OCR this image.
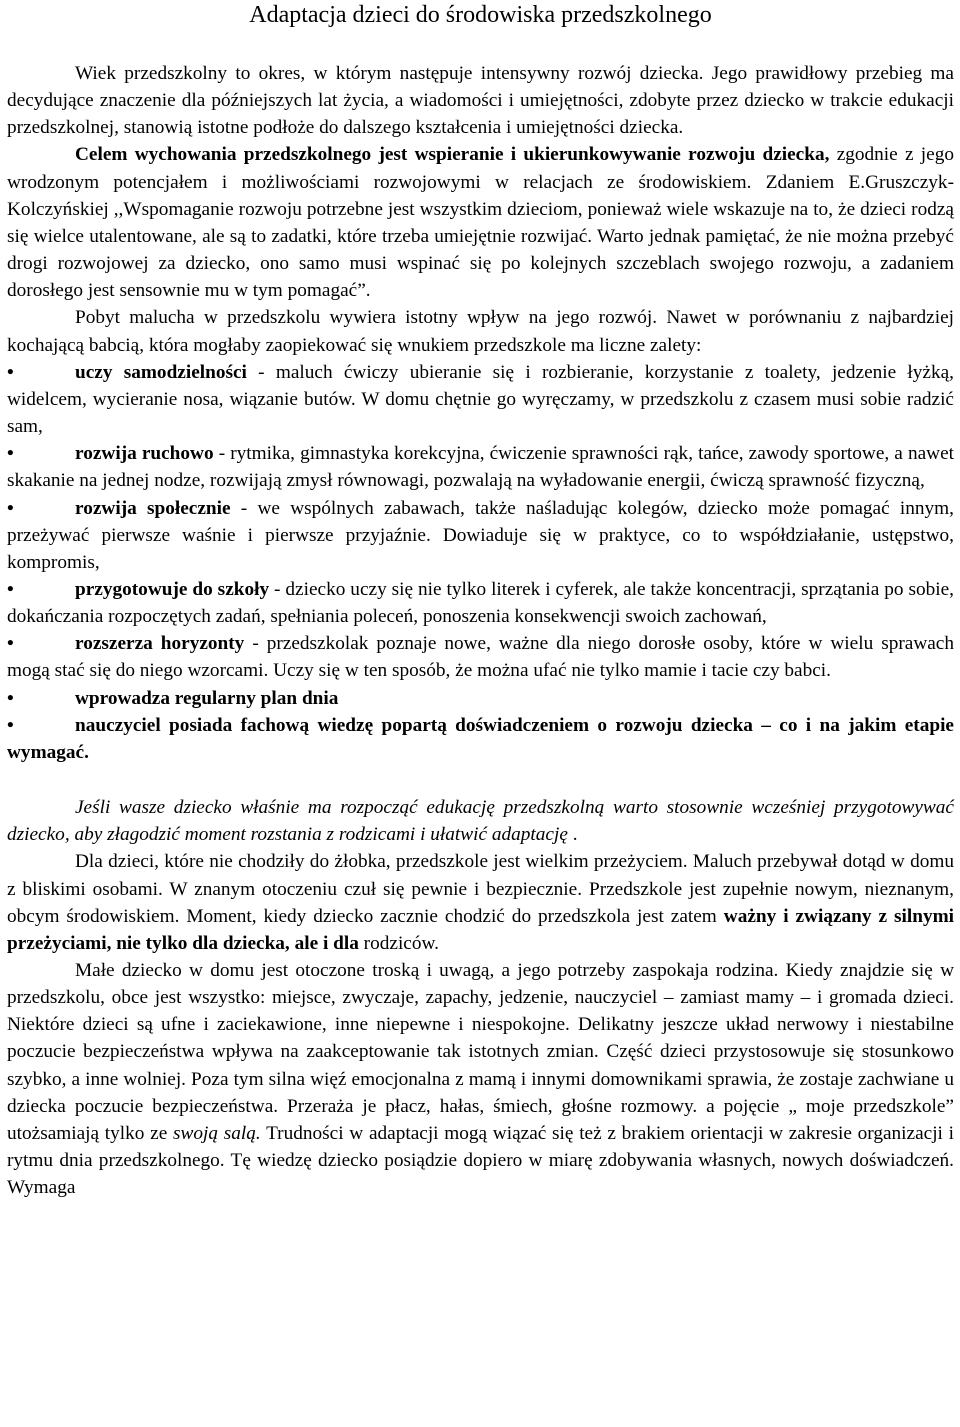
Adaptacja dzieci do środowiska przedszkolnego

Wiek przedszkolny to okres, w którym następuje intensywny rozwój dziecka. Jego prawidłowy przebieg ma decydujące znaczenie dla późniejszych lat życia, a wiadomości i umiejętności, zdobyte przez dziecko w trakcie edukacji przedszkolnej, stanowią istotne podłoże do dalszego kształcenia i umiejętności dziecka.

Celem wychowania przedszkolnego jest wspieranie i ukierunkowywanie rozwoju dziecka, zgodnie z jego wrodzonym potencjałem i możliwościami rozwojowymi w relacjach ze środowiskiem. Zdaniem E.Gruszczyk-Kolczyńskiej ,,Wspomaganie rozwoju potrzebne jest wszystkim dzieciom, ponieważ wiele wskazuje na to, że dzieci rodzą się wielce utalentowane, ale są to zadatki, które trzeba umiejętnie rozwijać. Warto jednak pamiętać, że nie można przebyć drogi rozwojowej za dziecko, ono samo musi wspinać się po kolejnych szczeblach swojego rozwoju, a zadaniem dorosłego jest sensownie mu w tym pomagać”.

Pobyt malucha w przedszkolu wywiera istotny wpływ na jego rozwój. Nawet w porównaniu z najbardziej kochającą babcią, która mogłaby zaopiekować się wnukiem przedszkole ma liczne zalety:

•	uczy samodzielności - maluch ćwiczy ubieranie się i rozbieranie, korzystanie z toalety, jedzenie łyżką, widelcem, wycieranie nosa, wiązanie butów. W domu chętnie go wyręczamy, w przedszkolu z czasem musi sobie radzić sam,

•	rozwija ruchowo - rytmika, gimnastyka korekcyjna, ćwiczenie sprawności rąk, tańce, zawody sportowe, a nawet skakanie na jednej nodze, rozwijają zmysł równowagi, pozwalają na wyładowanie energii, ćwiczą sprawność fizyczną,

•	rozwija społecznie - we wspólnych zabawach, także naśladując kolegów, dziecko może pomagać innym, przeżywać pierwsze waśnie i pierwsze przyjaźnie. Dowiaduje się w praktyce, co to współdziałanie, ustępstwo, kompromis,

•	przygotowuje do szkoły - dziecko uczy się nie tylko literek i cyferek, ale także koncentracji, sprzątania po sobie, dokańczania rozpoczętych zadań, spełniania poleceń, ponoszenia konsekwencji swoich zachowań,

•	rozszerza horyzonty - przedszkolak poznaje nowe, ważne dla niego dorosłe osoby, które w wielu sprawach mogą stać się do niego wzorcami. Uczy się w ten sposób, że można ufać nie tylko mamie i tacie czy babci.

•	wprowadza regularny plan dnia

•	nauczyciel posiada fachową wiedzę popartą doświadczeniem o rozwoju dziecka – co i na jakim etapie wymagać.

Jeśli wasze dziecko właśnie ma rozpocząć edukację przedszkolną warto stosownie wcześniej przygotowywać dziecko, aby złagodzić moment rozstania z rodzicami i ułatwić adaptację .

Dla dzieci, które nie chodziły do żłobka, przedszkole jest wielkim przeżyciem. Maluch przebywał dotąd w domu z bliskimi osobami. W znanym otoczeniu czuł się pewnie i bezpiecznie. Przedszkole jest zupełnie nowym, nieznanym, obcym środowiskiem. Moment, kiedy dziecko zacznie chodzić do przedszkola jest zatem ważny i związany z silnymi przeżyciami, nie tylko dla dziecka, ale i dla rodziców.

Małe dziecko w domu jest otoczone troską i uwagą, a jego potrzeby zaspokaja rodzina. Kiedy znajdzie się w przedszkolu, obce jest wszystko: miejsce, zwyczaje, zapachy, jedzenie, nauczyciel – zamiast mamy – i gromada dzieci. Niektóre dzieci są ufne i zaciekawione, inne niepewne i niespokojne. Delikatny jeszcze układ nerwowy i niestabilne poczucie bezpieczeństwa wpływa na zaakceptowanie tak istotnych zmian. Część dzieci przystosowuje się stosunkowo szybko, a inne wolniej. Poza tym silna więź emocjonalna z mamą i innymi domownikami sprawia, że zostaje zachwiane u dziecka poczucie bezpieczeństwa. Przeraża je płacz, hałas, śmiech, głośne rozmowy. a pojęcie „ moje przedszkole” utożsamiają tylko ze swoją salą. Trudności w adaptacji mogą wiązać się też z brakiem orientacji w zakresie organizacji i rytmu dnia przedszkolnego. Tę wiedzę dziecko posiądzie dopiero w miarę zdobywania własnych, nowych doświadczeń. Wymaga
